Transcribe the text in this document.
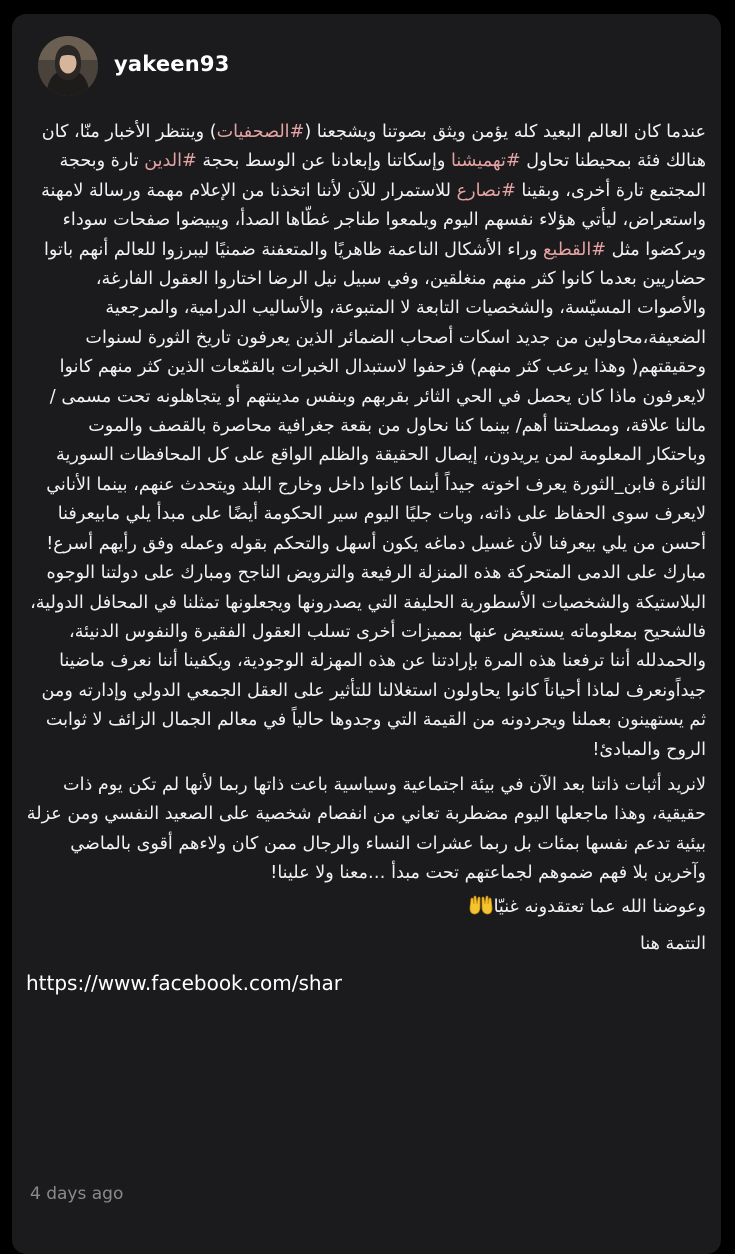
yakeen93

عندما كان العالم البعيد كله يؤمن ويثق بصوتنا ويشجعنا (#الصحفيات) وينتظر الأخبار منّا، كان هنالك فئة بمحيطنا تحاول #تهميشنا وإسكاتنا وإبعادنا عن الوسط بحجة #الدين تارة وبحجة المجتمع تارة أخرى، وبقينا #نصارع للاستمرار للآن لأننا اتخذنا من الإعلام مهمة ورسالة لامهنة واستعراض، ليأتي هؤلاء نفسهم اليوم ويلمعوا طناجر غطّاها الصدأ، ويبيضوا صفحات سوداء ويركضوا مثل #القطيع وراء الأشكال الناعمة ظاهريًا والمتعفنة ضمنيًا ليبرزوا للعالم أنهم باتوا حضاريين بعدما كانوا كثر منهم منغلقين، وفي سبيل نيل الرضا اختاروا العقول الفارغة، والأصوات المسيّسة، والشخصيات التابعة لا المتبوعة، والأساليب الدرامية، والمرجعية الضعيفة،محاولين من جديد اسكات أصحاب الضمائر الذين يعرفون تاريخ الثورة لسنوات وحقيقتهم( وهذا يرعب كثر منهم) فزحفوا لاستبدال الخبرات بالقمّعات الذين كثر منهم كانوا لايعرفون ماذا كان يحصل في الحي الثائر بقربهم وبنفس مدينتهم أو يتجاهلونه تحت مسمى /مالنا علاقة، ومصلحتنا أهم/ بينما كنا نحاول من بقعة جغرافية محاصرة بالقصف والموت وباحتكار المعلومة لمن يريدون، إيصال الحقيقة والظلم الواقع على كل المحافظات السورية الثائرة فابن_الثورة يعرف اخوته جيداً أينما كانوا داخل وخارج البلد ويتحدث عنهم، بينما الأناني لايعرف سوى الحفاظ على ذاته، وبات جليًا اليوم سير الحكومة أيضًا على مبدأ يلي مابيعرفنا أحسن من يلي بيعرفنا لأن غسيل دماغه يكون أسهل والتحكم بقوله وعمله وفق رأيهم أسرع! مبارك على الدمى المتحركة هذه المنزلة الرفيعة والترويض الناجح ومبارك على دولتنا الوجوه البلاستيكة والشخصيات الأسطورية الحليفة التي يصدرونها ويجعلونها تمثلنا في المحافل الدولية، فالشحيح بمعلوماته يستعيض عنها بمميزات أخرى تسلب العقول الفقيرة والنفوس الدنيئة، والحمدلله أننا ترفعنا هذه المرة بإرادتنا عن هذه المهزلة الوجودية، ويكفينا أننا نعرف ماضينا جيداًونعرف لماذا أحياناً كانوا يحاولون استغلالنا للتأثير على العقل الجمعي الدولي وإدارته ومن ثم يستهينون بعملنا ويجردونه من القيمة التي وجدوها حالياً في معالم الجمال الزائف لا ثوابت الروح والمبادئ!

لانريد أثبات ذاتنا بعد الآن في بيئة اجتماعية وسياسية باعت ذاتها ربما لأنها لم تكن يوم ذات حقيقية، وهذا ماجعلها اليوم مضطربة تعاني من انفصام شخصية على الصعيد النفسي ومن عزلة بيئية تدعم نفسها بمئات بل ربما عشرات النساء والرجال ممن كان ولاءهم أقوى بالماضي وآخرين بلا فهم ضموهم لجماعتهم تحت مبدأ …معنا ولا علينا!

وعوضنا الله عما تعتقدونه غنيّا
التتمة هنا
https://www.facebook.com/shar
4 days ago
